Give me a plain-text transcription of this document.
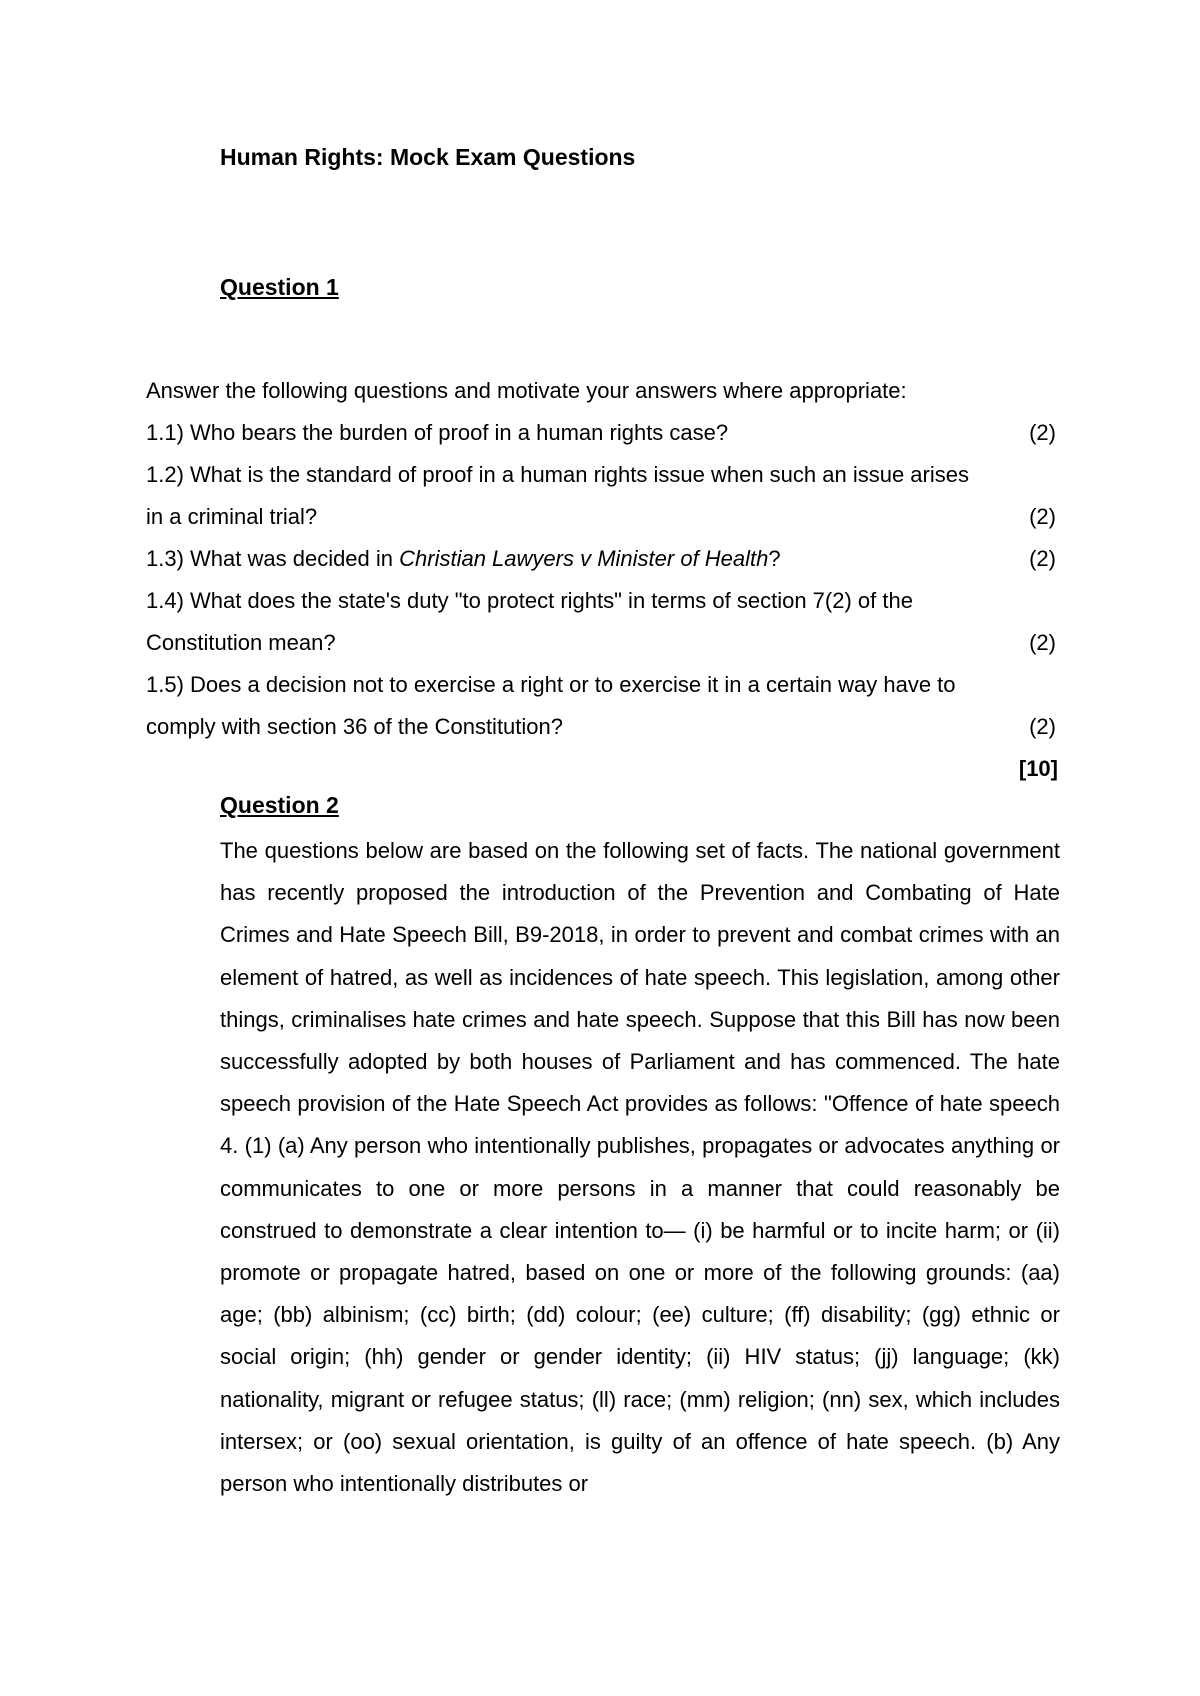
Human Rights: Mock Exam Questions
Question 1

Answer the following questions and motivate your answers where appropriate:

1.1) Who bears the burden of proof in a human rights case?	(2)

1.2) What is the standard of proof in a human rights issue when such an issue arises

in a criminal trial?	(2)
1.3) What was decided in Christian Lawyers v Minister of Health?	(2)

1.4) What does the state's duty "to protect rights" in terms of section 7(2) of the

Constitution mean?	(2)

1.5) Does a decision not to exercise a right or to exercise it in a certain way have to

comply with section 36 of the Constitution?	(2)

[10]

Question 2

The questions below are based on the following set of facts. The national government has recently proposed the introduction of the Prevention and Combating of Hate Crimes and Hate Speech Bill, B9-2018, in order to prevent and combat crimes with an element of hatred, as well as incidences of hate speech. This legislation, among other things, criminalises hate crimes and hate speech. Suppose that this Bill has now been successfully adopted by both houses of Parliament and has commenced. The hate speech provision of the Hate Speech Act provides as follows: "Offence of hate speech 4. (1) (a) Any person who intentionally publishes, propagates or advocates anything or communicates to one or more persons in a manner that could reasonably be construed to demonstrate a clear intention to— (i) be harmful or to incite harm; or (ii) promote or propagate hatred, based on one or more of the following grounds: (aa) age; (bb) albinism; (cc) birth; (dd) colour; (ee) culture; (ff) disability; (gg) ethnic or social origin; (hh) gender or gender identity; (ii) HIV status; (jj) language; (kk) nationality, migrant or refugee status; (ll) race; (mm) religion; (nn) sex, which includes intersex; or (oo) sexual orientation, is guilty of an offence of hate speech. (b) Any person who intentionally distributes or
